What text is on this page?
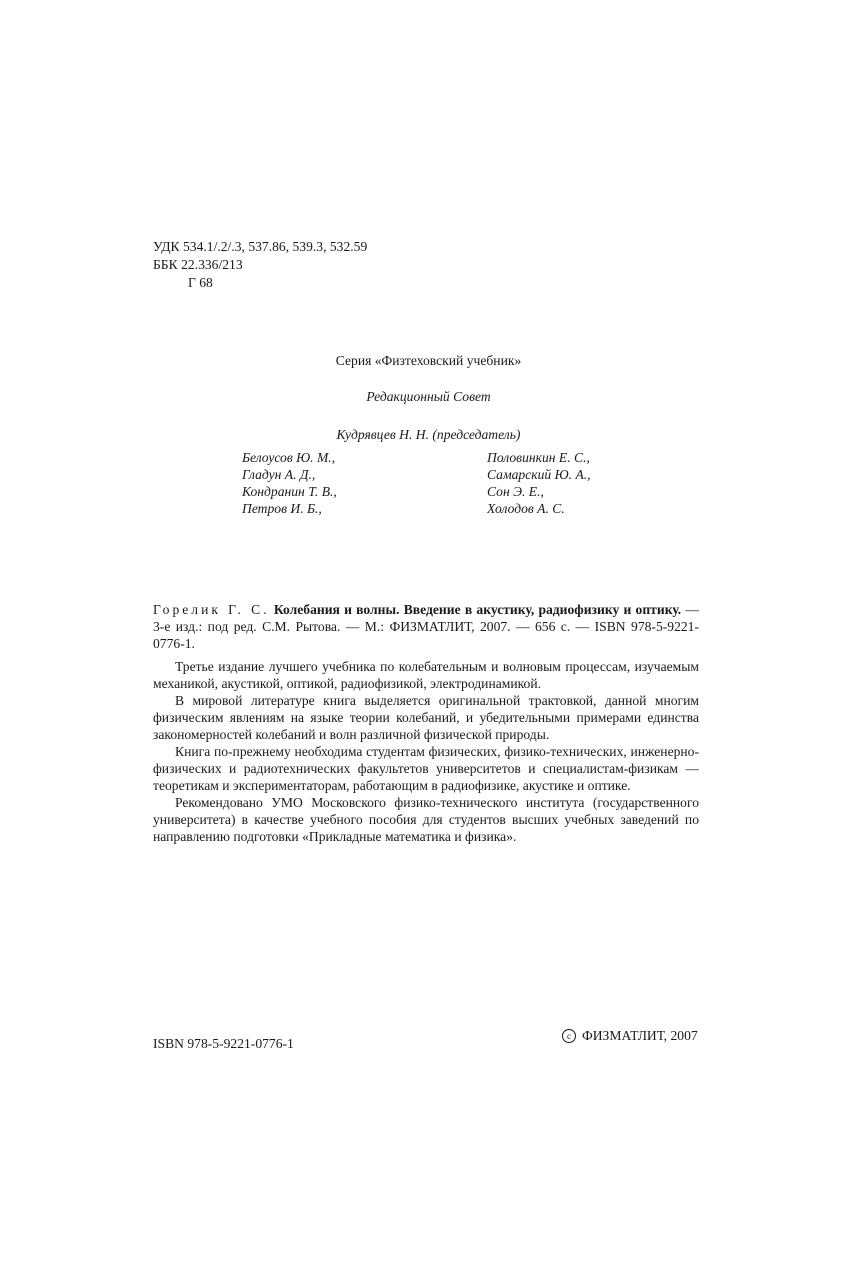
УДК 534.1/.2/.3, 537.86, 539.3, 532.59
ББК 22.336/213
Г 68
Серия «Физтеховский учебник»
Редакционный Совет
Кудрявцев Н. Н. (председатель)
Белоусов Ю. М.,
Гладун А. Д.,
Кондранин Т. В.,
Петров И. Б.,
Половинкин Е. С.,
Самарский Ю. А.,
Сон Э. Е.,
Холодов А. С.
Горелик Г. С. Колебания и волны. Введение в акустику, радиофизику и оптику. — 3-е изд.: под ред. С.М. Рытова. — М.: ФИЗМАТЛИТ, 2007. — 656 с. — ISBN 978-5-9221-0776-1.

Третье издание лучшего учебника по колебательным и волновым процессам, изучаемым механикой, акустикой, оптикой, радиофизикой, электродинамикой.

В мировой литературе книга выделяется оригинальной трактовкой, данной многим физическим явлениям на языке теории колебаний, и убедительными примерами единства закономерностей колебаний и волн различной физической природы.

Книга по-прежнему необходима студентам физических, физико-технических, инженерно-физических и радиотехнических факультетов университетов и специалистам-физикам — теоретикам и экспериментаторам, работающим в радиофизике, акустике и оптике.

Рекомендовано УМО Московского физико-технического института (государственного университета) в качестве учебного пособия для студентов высших учебных заведений по направлению подготовки «Прикладные математика и физика».

ISBN 978-5-9221-0776-1	c ФИЗМАТЛИТ, 2007
